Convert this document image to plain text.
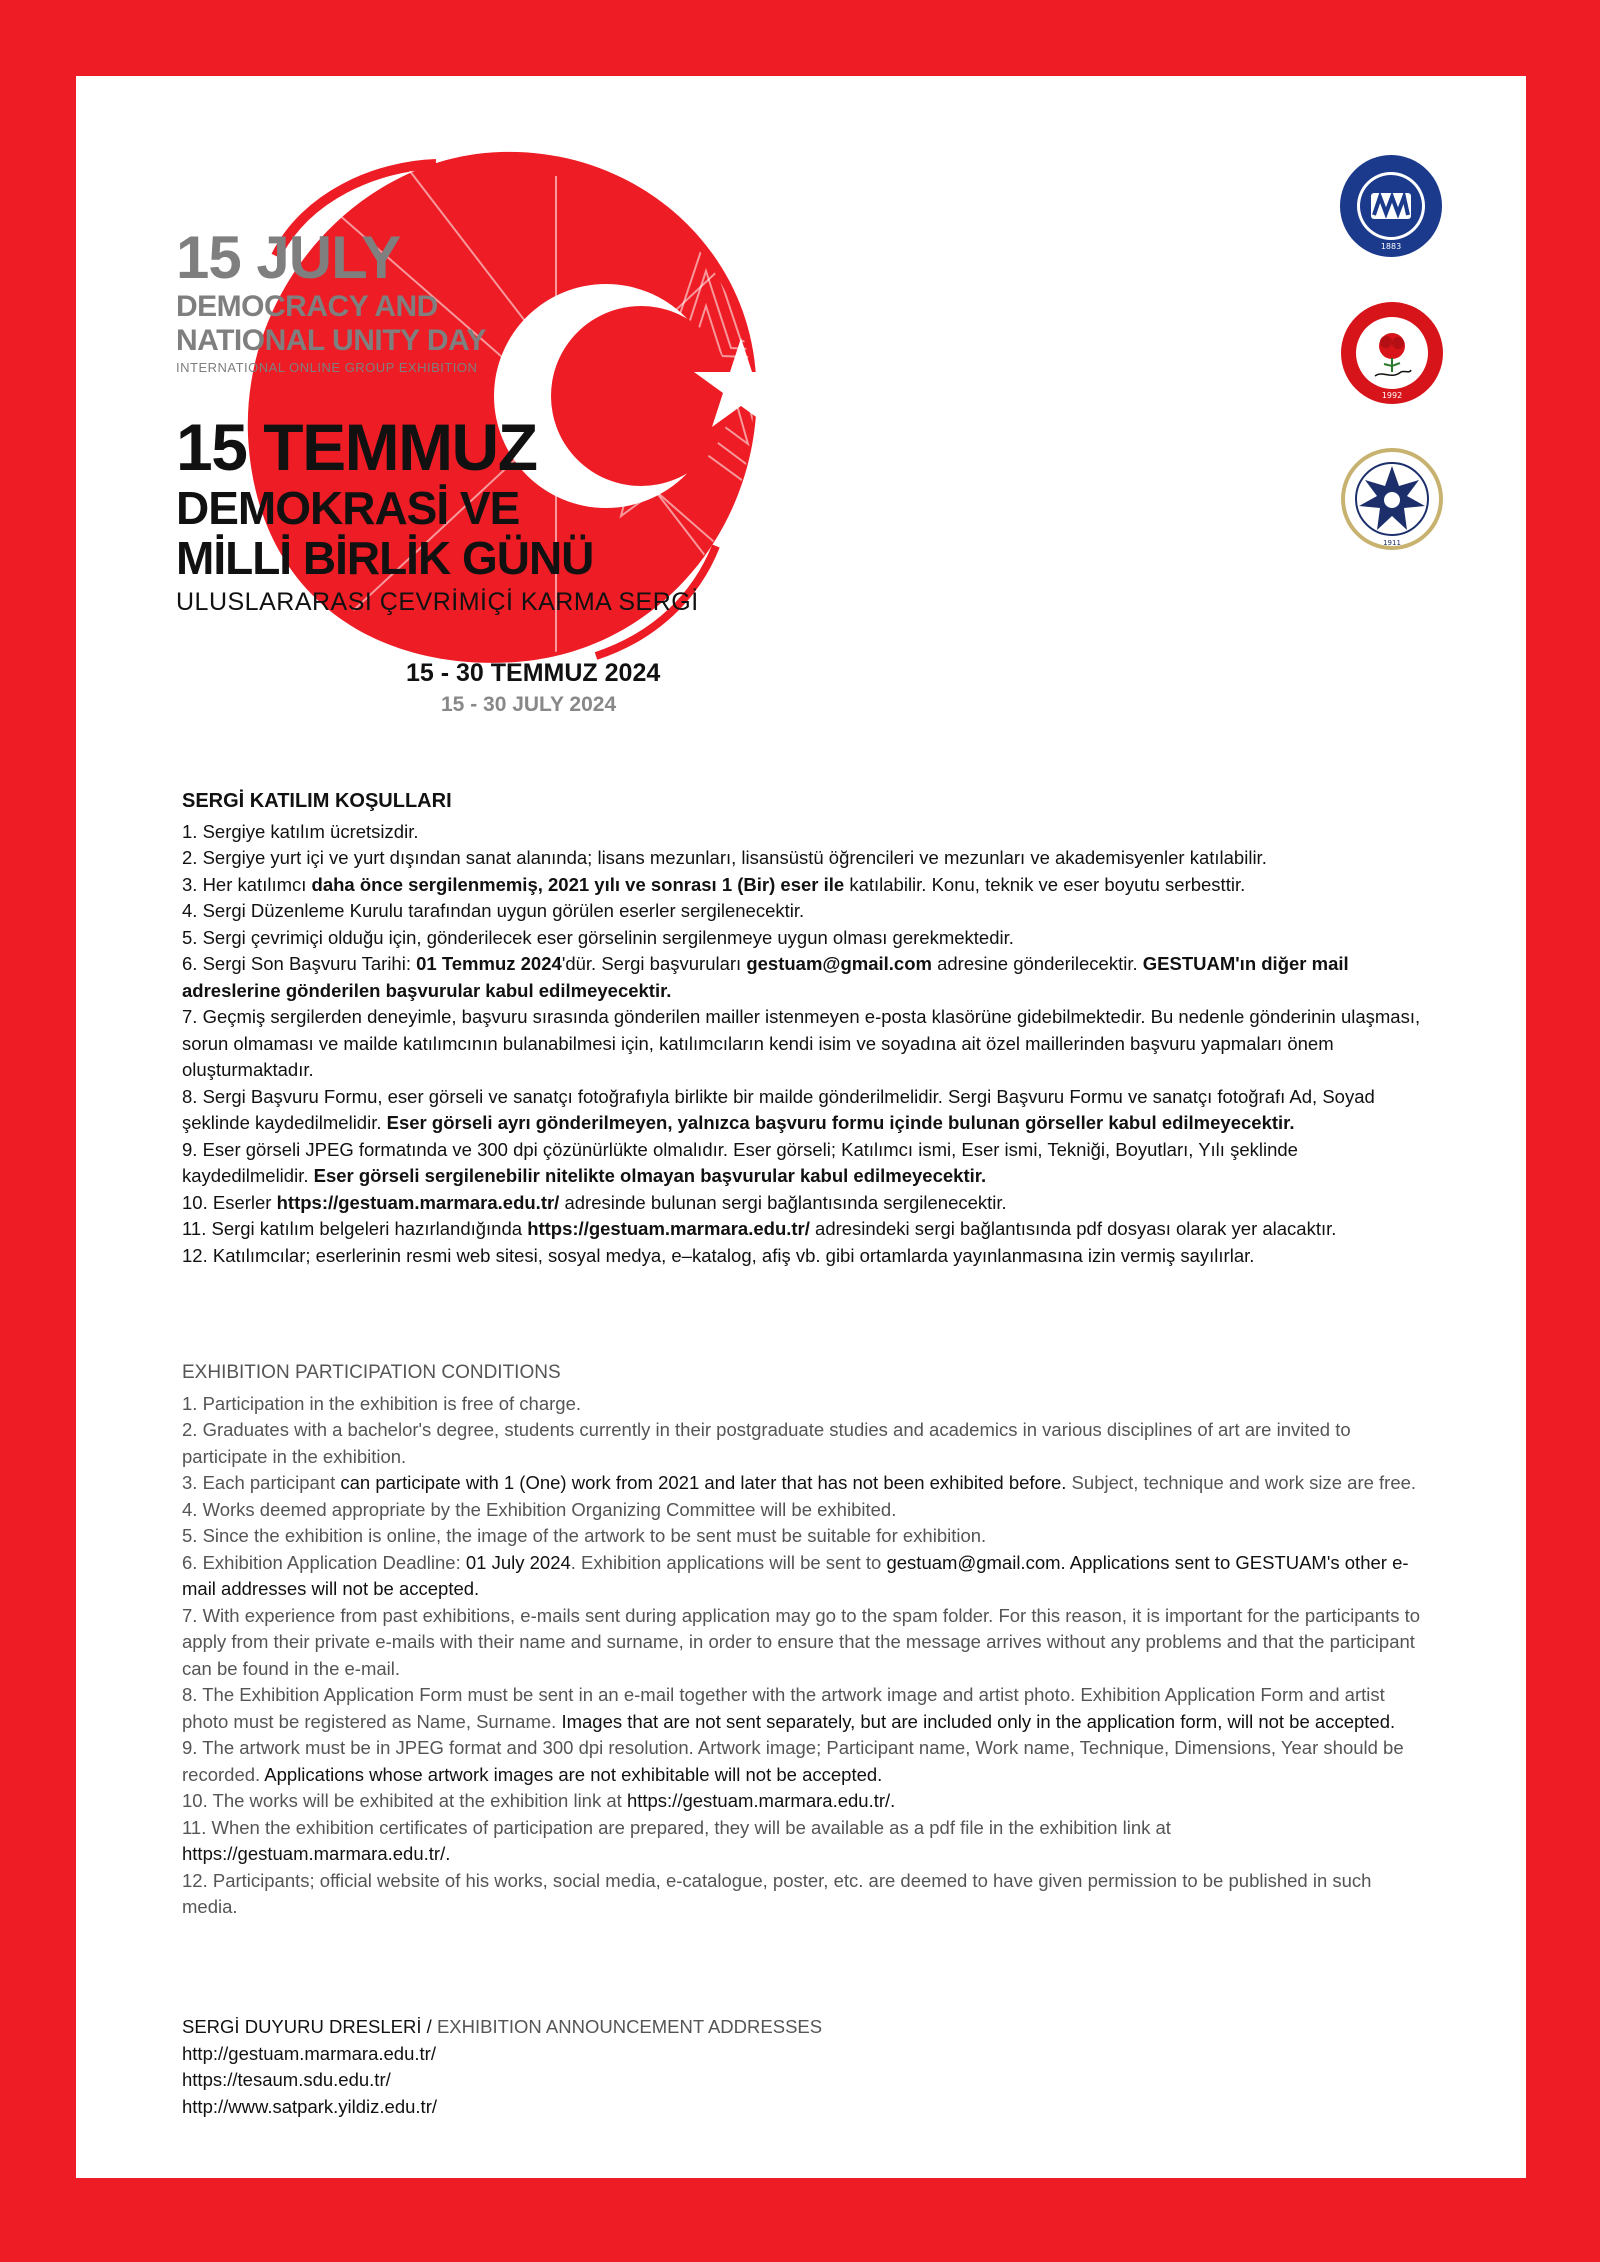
15 JULY
DEMOCRACY AND
NATIONAL UNITY DAY
INTERNATIONAL ONLINE GROUP EXHIBITION
15 TEMMUZ
DEMOKRASİ VE
MİLLİ BİRLİK GÜNÜ
ULUSLARARASI ÇEVRİMİÇİ KARMA SERGİ
15 - 30 TEMMUZ 2024
15 - 30 JULY 2024
1883
1992
1911
SERGİ KATILIM KOŞULLARI
1. Sergiye katılım ücretsizdir.
2. Sergiye yurt içi ve yurt dışından sanat alanında; lisans mezunları, lisansüstü öğrencileri ve mezunları ve akademisyenler katılabilir.
3. Her katılımcı daha önce sergilenmemiş, 2021 yılı ve sonrası 1 (Bir) eser ile katılabilir. Konu, teknik ve eser boyutu serbesttir.
4. Sergi Düzenleme Kurulu tarafından uygun görülen eserler sergilenecektir.
5. Sergi çevrimiçi olduğu için, gönderilecek eser görselinin sergilenmeye uygun olması gerekmektedir.
6. Sergi Son Başvuru Tarihi: 01 Temmuz 2024'dür. Sergi başvuruları gestuam@gmail.com adresine gönderilecektir. GESTUAM'ın diğer mail adreslerine gönderilen başvurular kabul edilmeyecektir.
7. Geçmiş sergilerden deneyimle, başvuru sırasında gönderilen mailler istenmeyen e-posta klasörüne gidebilmektedir. Bu nedenle gönderinin ulaşması, sorun olmaması ve mailde katılımcının bulanabilmesi için, katılımcıların kendi isim ve soyadına ait özel maillerinden başvuru yapmaları önem oluşturmaktadır.
8. Sergi Başvuru Formu, eser görseli ve sanatçı fotoğrafıyla birlikte bir mailde gönderilmelidir. Sergi Başvuru Formu ve sanatçı fotoğrafı Ad, Soyad şeklinde kaydedilmelidir. Eser görseli ayrı gönderilmeyen, yalnızca başvuru formu içinde bulunan görseller kabul edilmeyecektir.
9. Eser görseli JPEG formatında ve 300 dpi çözünürlükte olmalıdır. Eser görseli; Katılımcı ismi, Eser ismi, Tekniği, Boyutları, Yılı şeklinde kaydedilmelidir. Eser görseli sergilenebilir nitelikte olmayan başvurular kabul edilmeyecektir.
10. Eserler https://gestuam.marmara.edu.tr/ adresinde bulunan sergi bağlantısında sergilenecektir.
11. Sergi katılım belgeleri hazırlandığında https://gestuam.marmara.edu.tr/ adresindeki sergi bağlantısında pdf dosyası olarak yer alacaktır.
12. Katılımcılar; eserlerinin resmi web sitesi, sosyal medya, e–katalog, afiş vb. gibi ortamlarda yayınlanmasına izin vermiş sayılırlar.
EXHIBITION PARTICIPATION CONDITIONS
1. Participation in the exhibition is free of charge.
2. Graduates with a bachelor's degree, students currently in their postgraduate studies and academics in various disciplines of art are invited to participate in the exhibition.
3. Each participant can participate with 1 (One) work from 2021 and later that has not been exhibited before. Subject, technique and work size are free.
4. Works deemed appropriate by the Exhibition Organizing Committee will be exhibited.
5. Since the exhibition is online, the image of the artwork to be sent must be suitable for exhibition.
6. Exhibition Application Deadline: 01 July 2024. Exhibition applications will be sent to gestuam@gmail.com. Applications sent to GESTUAM's other e-mail addresses will not be accepted.
7. With experience from past exhibitions, e-mails sent during application may go to the spam folder. For this reason, it is important for the participants to apply from their private e-mails with their name and surname, in order to ensure that the message arrives without any problems and that the participant can be found in the e-mail.
8. The Exhibition Application Form must be sent in an e-mail together with the artwork image and artist photo. Exhibition Application Form and artist photo must be registered as Name, Surname. Images that are not sent separately, but are included only in the application form, will not be accepted.
9. The artwork must be in JPEG format and 300 dpi resolution. Artwork image; Participant name, Work name, Technique, Dimensions, Year should be recorded. Applications whose artwork images are not exhibitable will not be accepted.
10. The works will be exhibited at the exhibition link at https://gestuam.marmara.edu.tr/.
11. When the exhibition certificates of participation are prepared, they will be available as a pdf file in the exhibition link at
https://gestuam.marmara.edu.tr/.
12. Participants; official website of his works, social media, e-catalogue, poster, etc. are deemed to have given permission to be published in such media.
SERGİ DUYURU DRESLERİ / EXHIBITION ANNOUNCEMENT ADDRESSES
http://gestuam.marmara.edu.tr/
https://tesaum.sdu.edu.tr/
http://www.satpark.yildiz.edu.tr/
